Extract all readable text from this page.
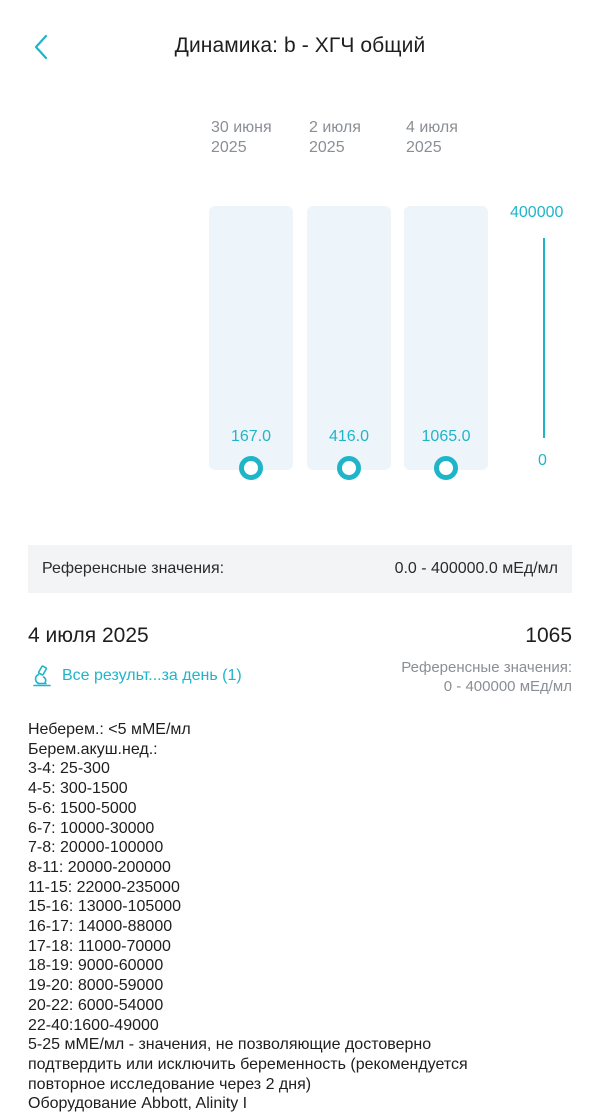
Динамика: b - ХГЧ общий
30 июня
2025
167.0
2 июля
2025
416.0
4 июля
2025
1065.0
400000
0
Референсные значения:	0.0 - 400000.0 мЕд/мл
4 июля 2025	1065
Все результ...за день (1)	Референсные значения:
0 - 400000 мЕд/мл
Неберем.: <5 мМЕ/мл
Берем.акуш.нед.:
3-4: 25-300
4-5: 300-1500
5-6: 1500-5000
6-7: 10000-30000
7-8: 20000-100000
8-11: 20000-200000
11-15: 22000-235000
15-16: 13000-105000
16-17: 14000-88000
17-18: 11000-70000
18-19: 9000-60000
19-20: 8000-59000
20-22: 6000-54000
22-40:1600-49000
5-25 мМЕ/мл - значения, не позволяющие достоверно
подтвердить или исключить беременность (рекомендуется
повторное исследование через 2 дня)
Оборудование Abbott, Alinity I
